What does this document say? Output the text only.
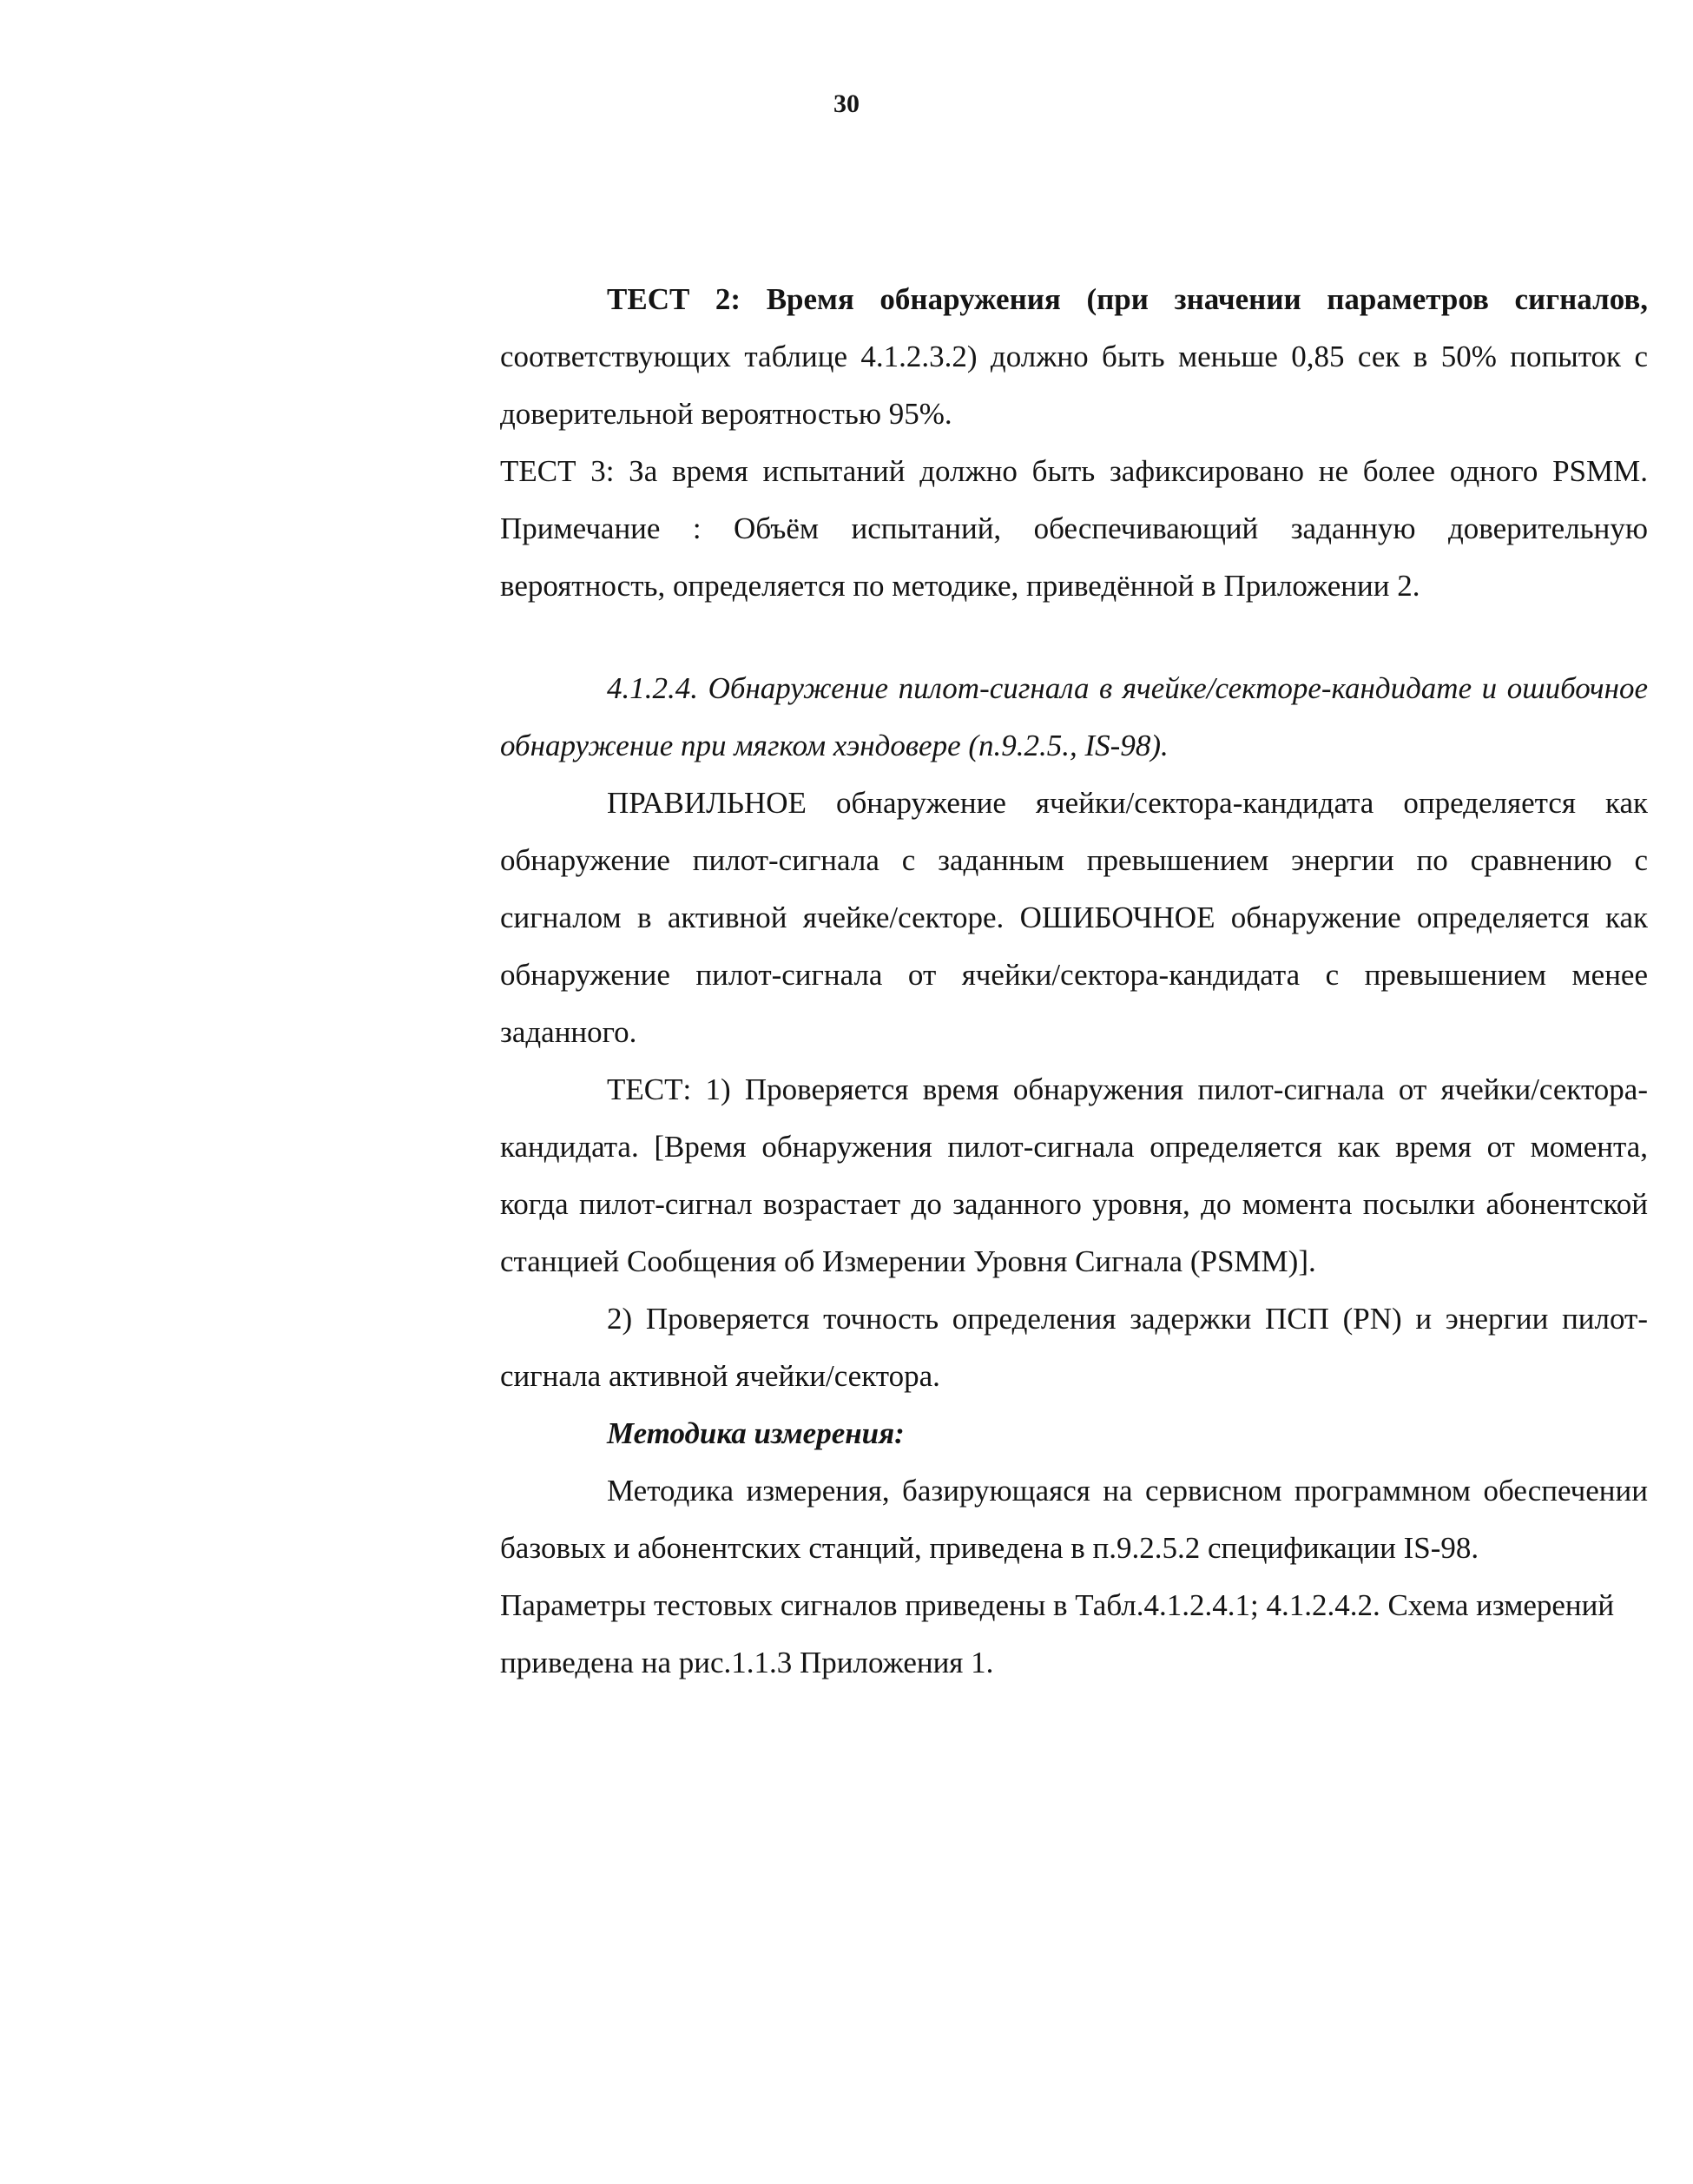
30
ТЕСТ 2: Время обнаружения (при значении параметров сигналов,
соответствующих таблице 4.1.2.3.2) должно быть меньше 0,85 сек в 50% попыток с
доверительной вероятностью 95%.
ТЕСТ 3: За время испытаний должно быть зафиксировано не более одного PSMM.
Примечание : Объём испытаний, обеспечивающий заданную доверительную
вероятность, определяется по методике, приведённой в Приложении 2.
4.1.2.4. Обнаружение пилот-сигнала в ячейке/секторе-кандидате и ошибочное
обнаружение при мягком хэндовере (п.9.2.5., IS-98).
ПРАВИЛЬНОЕ обнаружение ячейки/сектора-кандидата определяется как
обнаружение пилот-сигнала с заданным превышением энергии по сравнению с
сигналом в активной ячейке/секторе. ОШИБОЧНОЕ обнаружение определяется как
обнаружение пилот-сигнала от ячейки/сектора-кандидата с превышением менее
заданного.
ТЕСТ: 1) Проверяется время обнаружения пилот-сигнала от ячейки/сектора-
кандидата. [Время обнаружения пилот-сигнала определяется как время от момента,
когда пилот-сигнал возрастает до заданного уровня, до момента посылки абонентской
станцией Сообщения об Измерении Уровня Сигнала (PSMM)].
2) Проверяется точность определения задержки ПСП (PN) и энергии пилот-
сигнала активной ячейки/сектора.
Методика измерения:
Методика измерения, базирующаяся на сервисном программном обеспечении
базовых и абонентских станций, приведена в п.9.2.5.2 спецификации IS-98.
Параметры тестовых сигналов приведены в Табл.4.1.2.4.1; 4.1.2.4.2. Схема измерений
приведена на рис.1.1.3 Приложения 1.
